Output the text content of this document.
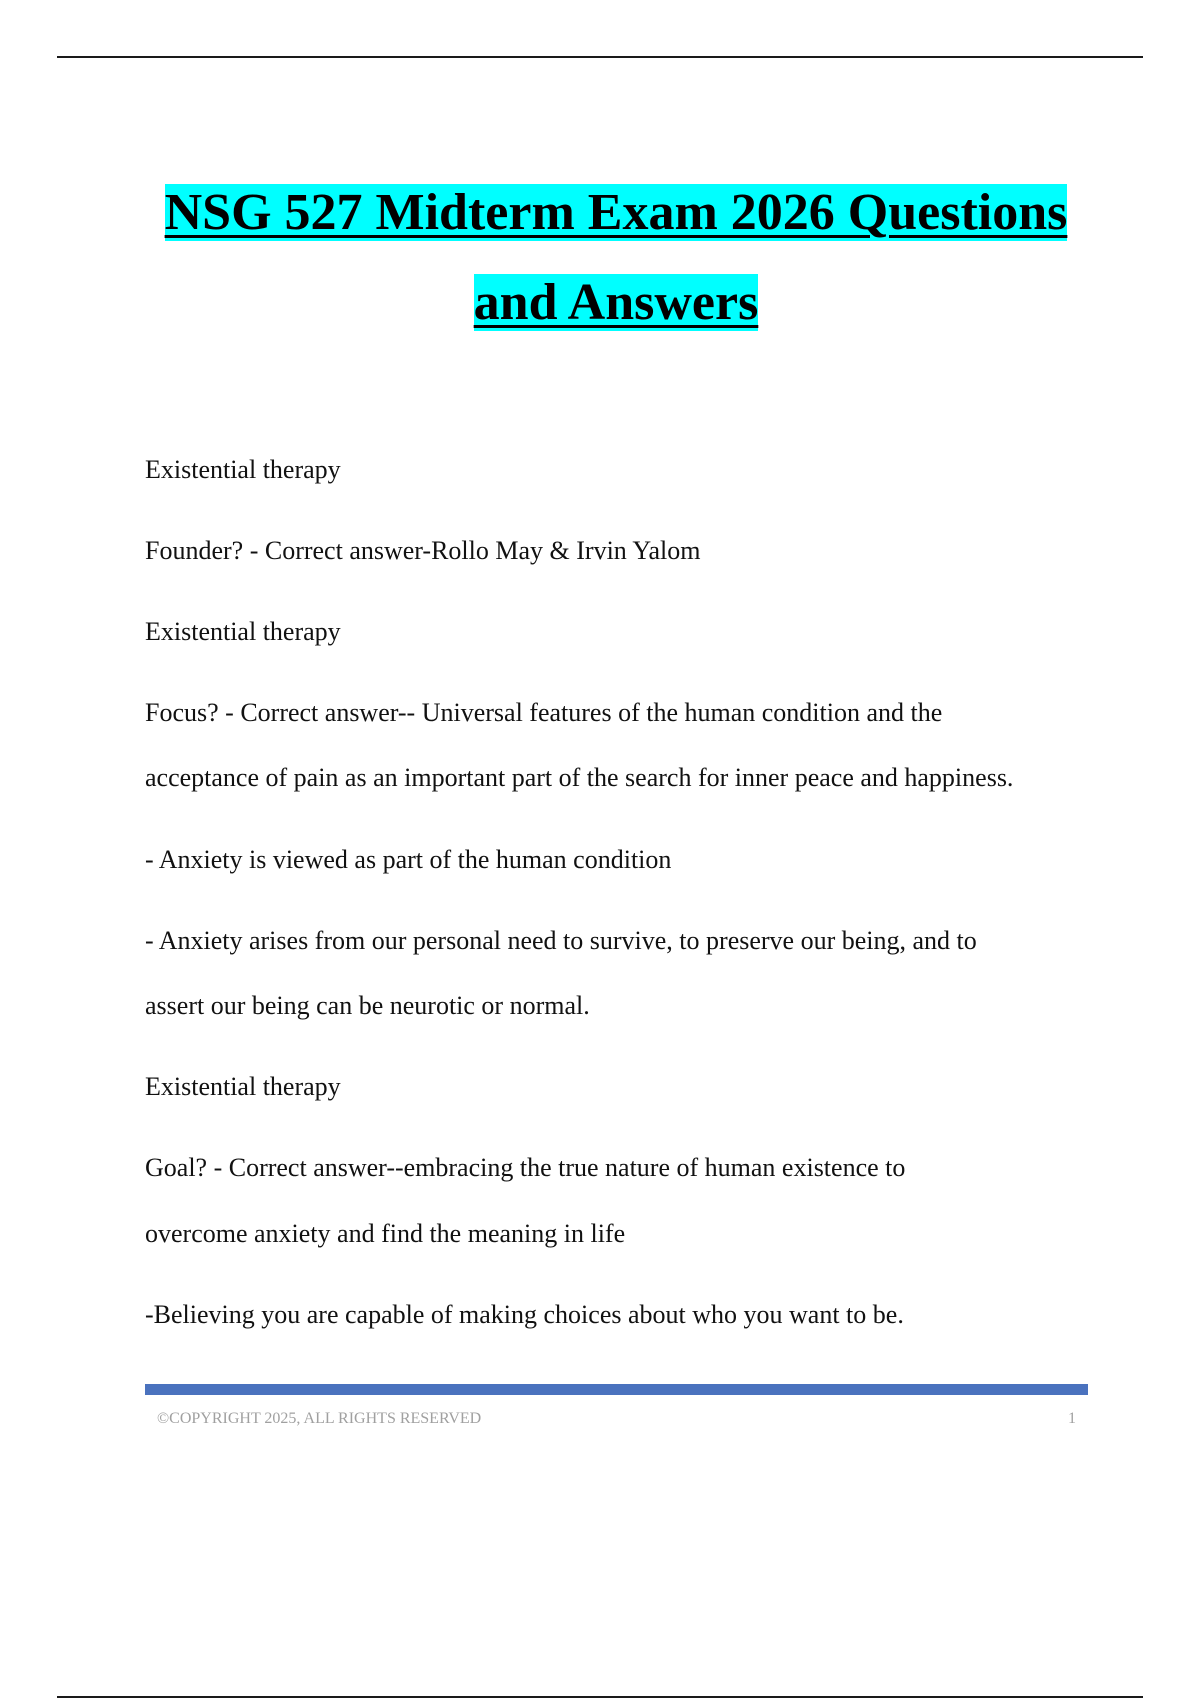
NSG 527 Midterm Exam 2026 Questions
and Answers

Existential therapy

Founder? - Correct answer-Rollo May & Irvin Yalom

Existential therapy

Focus? - Correct answer-- Universal features of the human condition and the

acceptance of pain as an important part of the search for inner peace and happiness.

- Anxiety is viewed as part of the human condition

- Anxiety arises from our personal need to survive, to preserve our being, and to

assert our being can be neurotic or normal.

Existential therapy

Goal? - Correct answer--embracing the true nature of human existence to

overcome anxiety and find the meaning in life

-Believing you are capable of making choices about who you want to be.

©COPYRIGHT 2025, ALL RIGHTS RESERVED	1
